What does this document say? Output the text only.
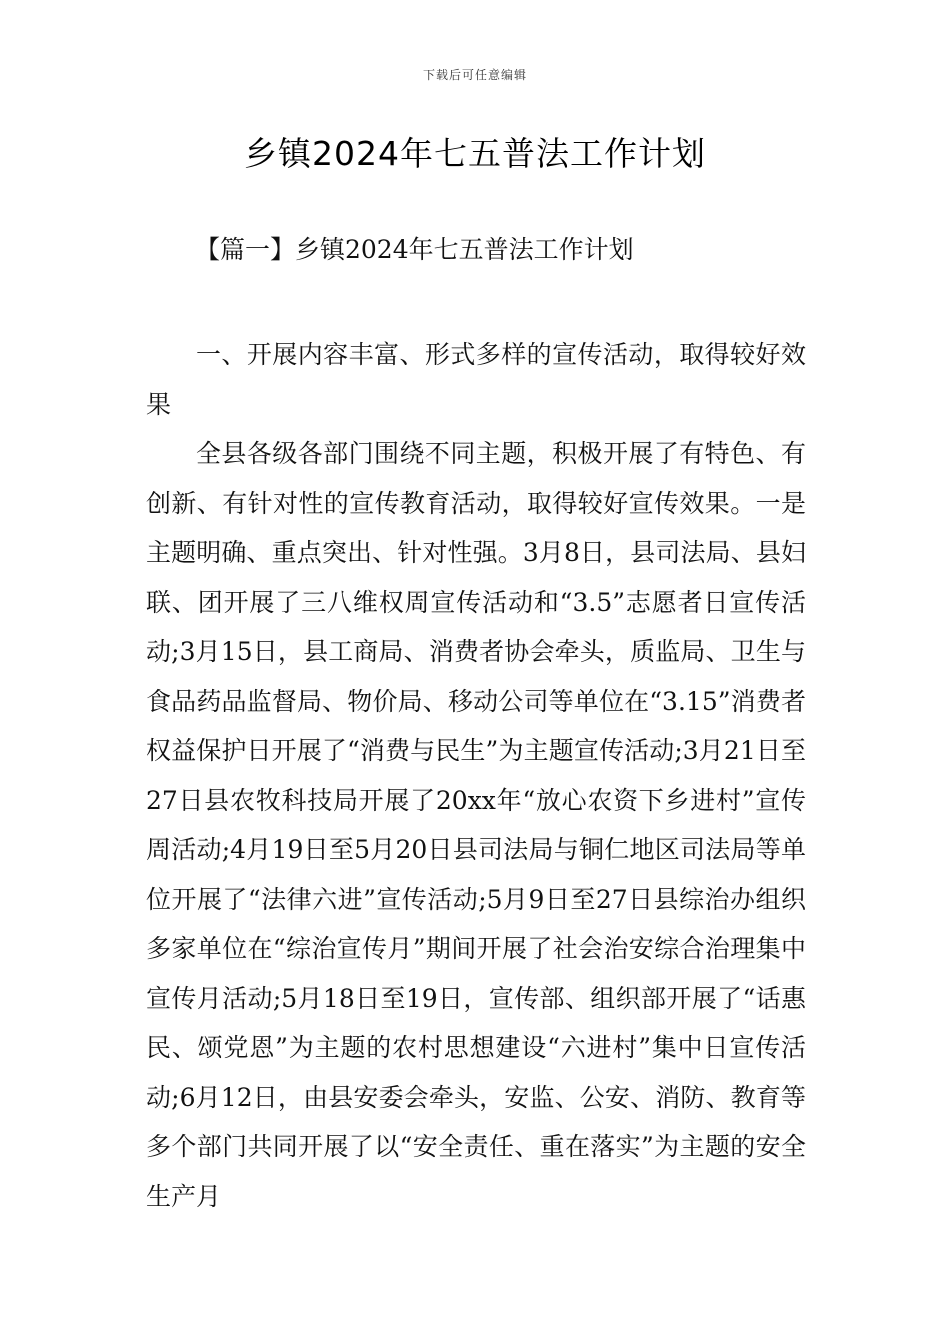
下载后可任意编辑
乡镇2024年七五普法工作计划
【篇一】乡镇2024年七五普法工作计划

一、开展内容丰富、形式多样的宣传活动，取得较好效果

全县各级各部门围绕不同主题，积极开展了有特色、有创新、有针对性的宣传教育活动，取得较好宣传效果。一是主题明确、重点突出、针对性强。3月8日，县司法局、县妇联、团开展了三八维权周宣传活动和“3.5”志愿者日宣传活动;3月15日，县工商局、消费者协会牵头，质监局、卫生与食品药品监督局、物价局、移动公司等单位在“3.15”消费者权益保护日开展了“消费与民生”为主题宣传活动;3月21日至27日县农牧科技局开展了20xx年“放心农资下乡进村”宣传周活动;4月19日至5月20日县司法局与铜仁地区司法局等单位开展了“法律六进”宣传活动;5月9日至27日县综治办组织多家单位在“综治宣传月”期间开展了社会治安综合治理集中宣传月活动;5月18日至19日，宣传部、组织部开展了“话惠民、颂党恩”为主题的农村思想建设“六进村”集中日宣传活动;6月12日，由县安委会牵头，安监、公安、消防、教育等多个部门共同开展了以“安全责任、重在落实”为主题的安全生产月
